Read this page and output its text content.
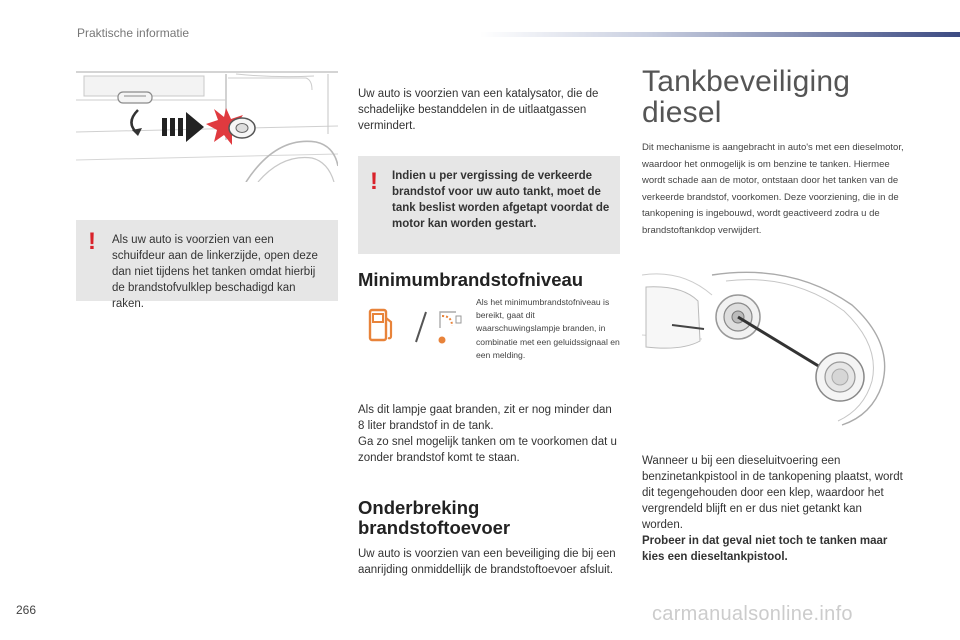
Praktische informatie
! Als uw auto is voorzien van een schuifdeur aan de linkerzijde, open deze dan niet tijdens het tanken omdat hierbij de brandstofvulklep beschadigd kan raken.

Uw auto is voorzien van een katalysator, die de schadelijke bestanddelen in de uitlaatgassen vermindert.

! Indien u per vergissing de verkeerde brandstof voor uw auto tankt, moet de tank beslist worden afgetapt voordat de motor kan worden gestart.

Minimumbrandstofniveau

Als het minimumbrandstofniveau is bereikt, gaat dit waarschuwingslampje branden, in combinatie met een geluidssignaal en een melding.

Als dit lampje gaat branden, zit er nog minder dan 8 liter brandstof in de tank.

Ga zo snel mogelijk tanken om te voorkomen dat u zonder brandstof komt te staan.

Onderbreking
brandstoftoevoer

Uw auto is voorzien van een beveiliging die bij een aanrijding onmiddellijk de brandstoftoevoer afsluit.

Tankbeveiliging
diesel

Dit mechanisme is aangebracht in auto's met een dieselmotor, waardoor het onmogelijk is om benzine te tanken. Hiermee wordt schade aan de motor, ontstaan door het tanken van de verkeerde brandstof, voorkomen. Deze voorziening, die in de tankopening is ingebouwd, wordt geactiveerd zodra u de brandstoftankdop verwijdert.

Wanneer u bij een dieseluitvoering een benzinetankpistool in de tankopening plaatst, wordt dit tegengehouden door een klep, waardoor het vergrendeld blijft en er dus niet getankt kan worden.

Probeer in dat geval niet toch te tanken maar kies een dieseltankpistool.

266	carmanualsonline.info
